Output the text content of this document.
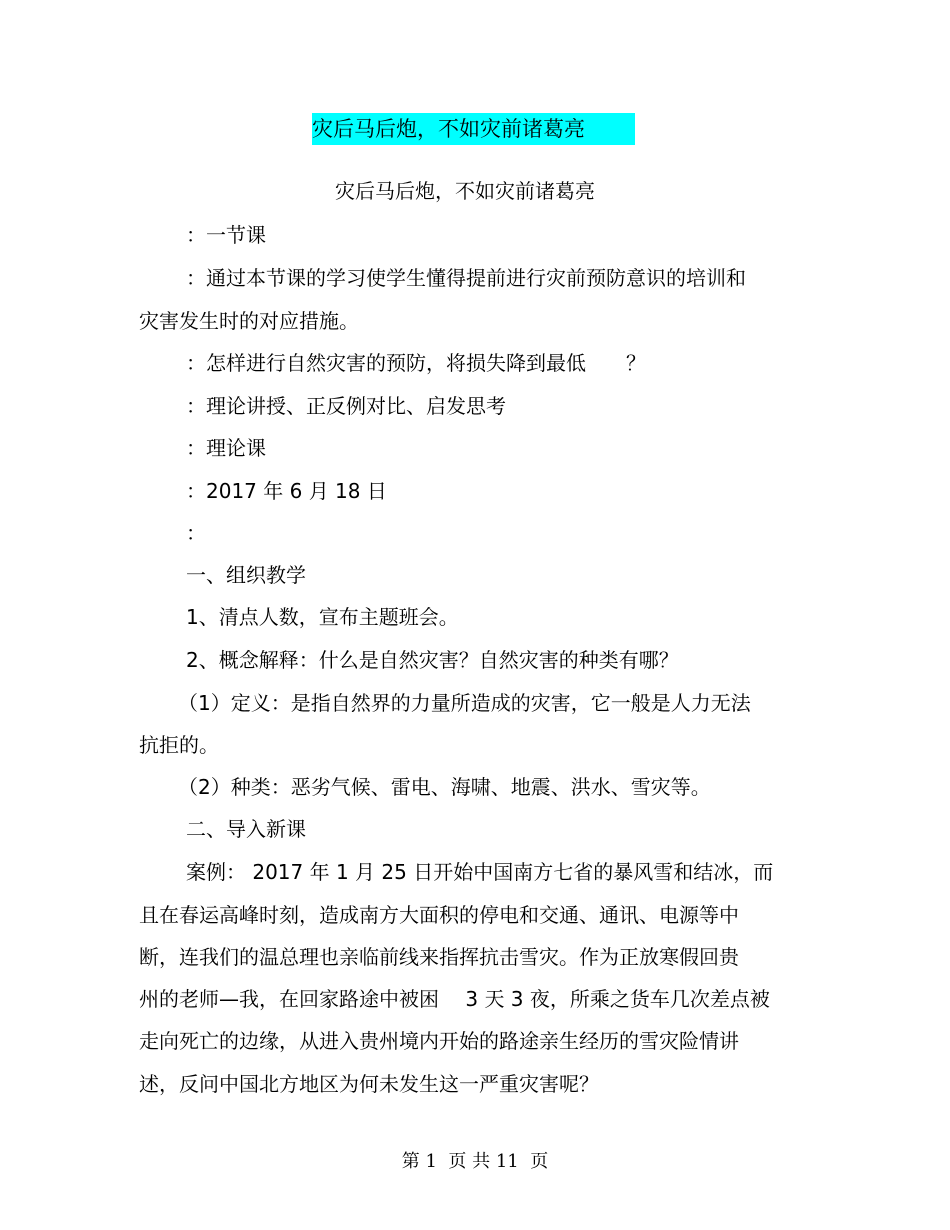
灾后马后炮，不如灾前诸葛亮
灾后马后炮，不如灾前诸葛亮
：一节课
：通过本节课的学习使学生懂得提前进行灾前预防意识的培训和
灾害发生时的对应措施。
：怎样进行自然灾害的预防，将损失降到最低　　？
：理论讲授、正反例对比、启发思考
：理论课
：2017 年 6 月 18 日
：
一、组织教学
1、清点人数，宣布主题班会。
2、概念解释：什么是自然灾害？自然灾害的种类有哪？
（1）定义：是指自然界的力量所造成的灾害，它一般是人力无法
抗拒的。
（2）种类：恶劣气候、雷电、海啸、地震、洪水、雪灾等。
二、导入新课
案例： 2017 年 1 月 25 日开始中国南方七省的暴风雪和结冰，而
且在春运高峰时刻，造成南方大面积的停电和交通、通讯、电源等中
断，连我们的温总理也亲临前线来指挥抗击雪灾。作为正放寒假回贵
州的老师—我，在回家路途中被困　 3 天 3 夜，所乘之货车几次差点被
走向死亡的边缘，从进入贵州境内开始的路途亲生经历的雪灾险情讲
述，反问中国北方地区为何未发生这一严重灾害呢？
第 1  页 共 11  页
